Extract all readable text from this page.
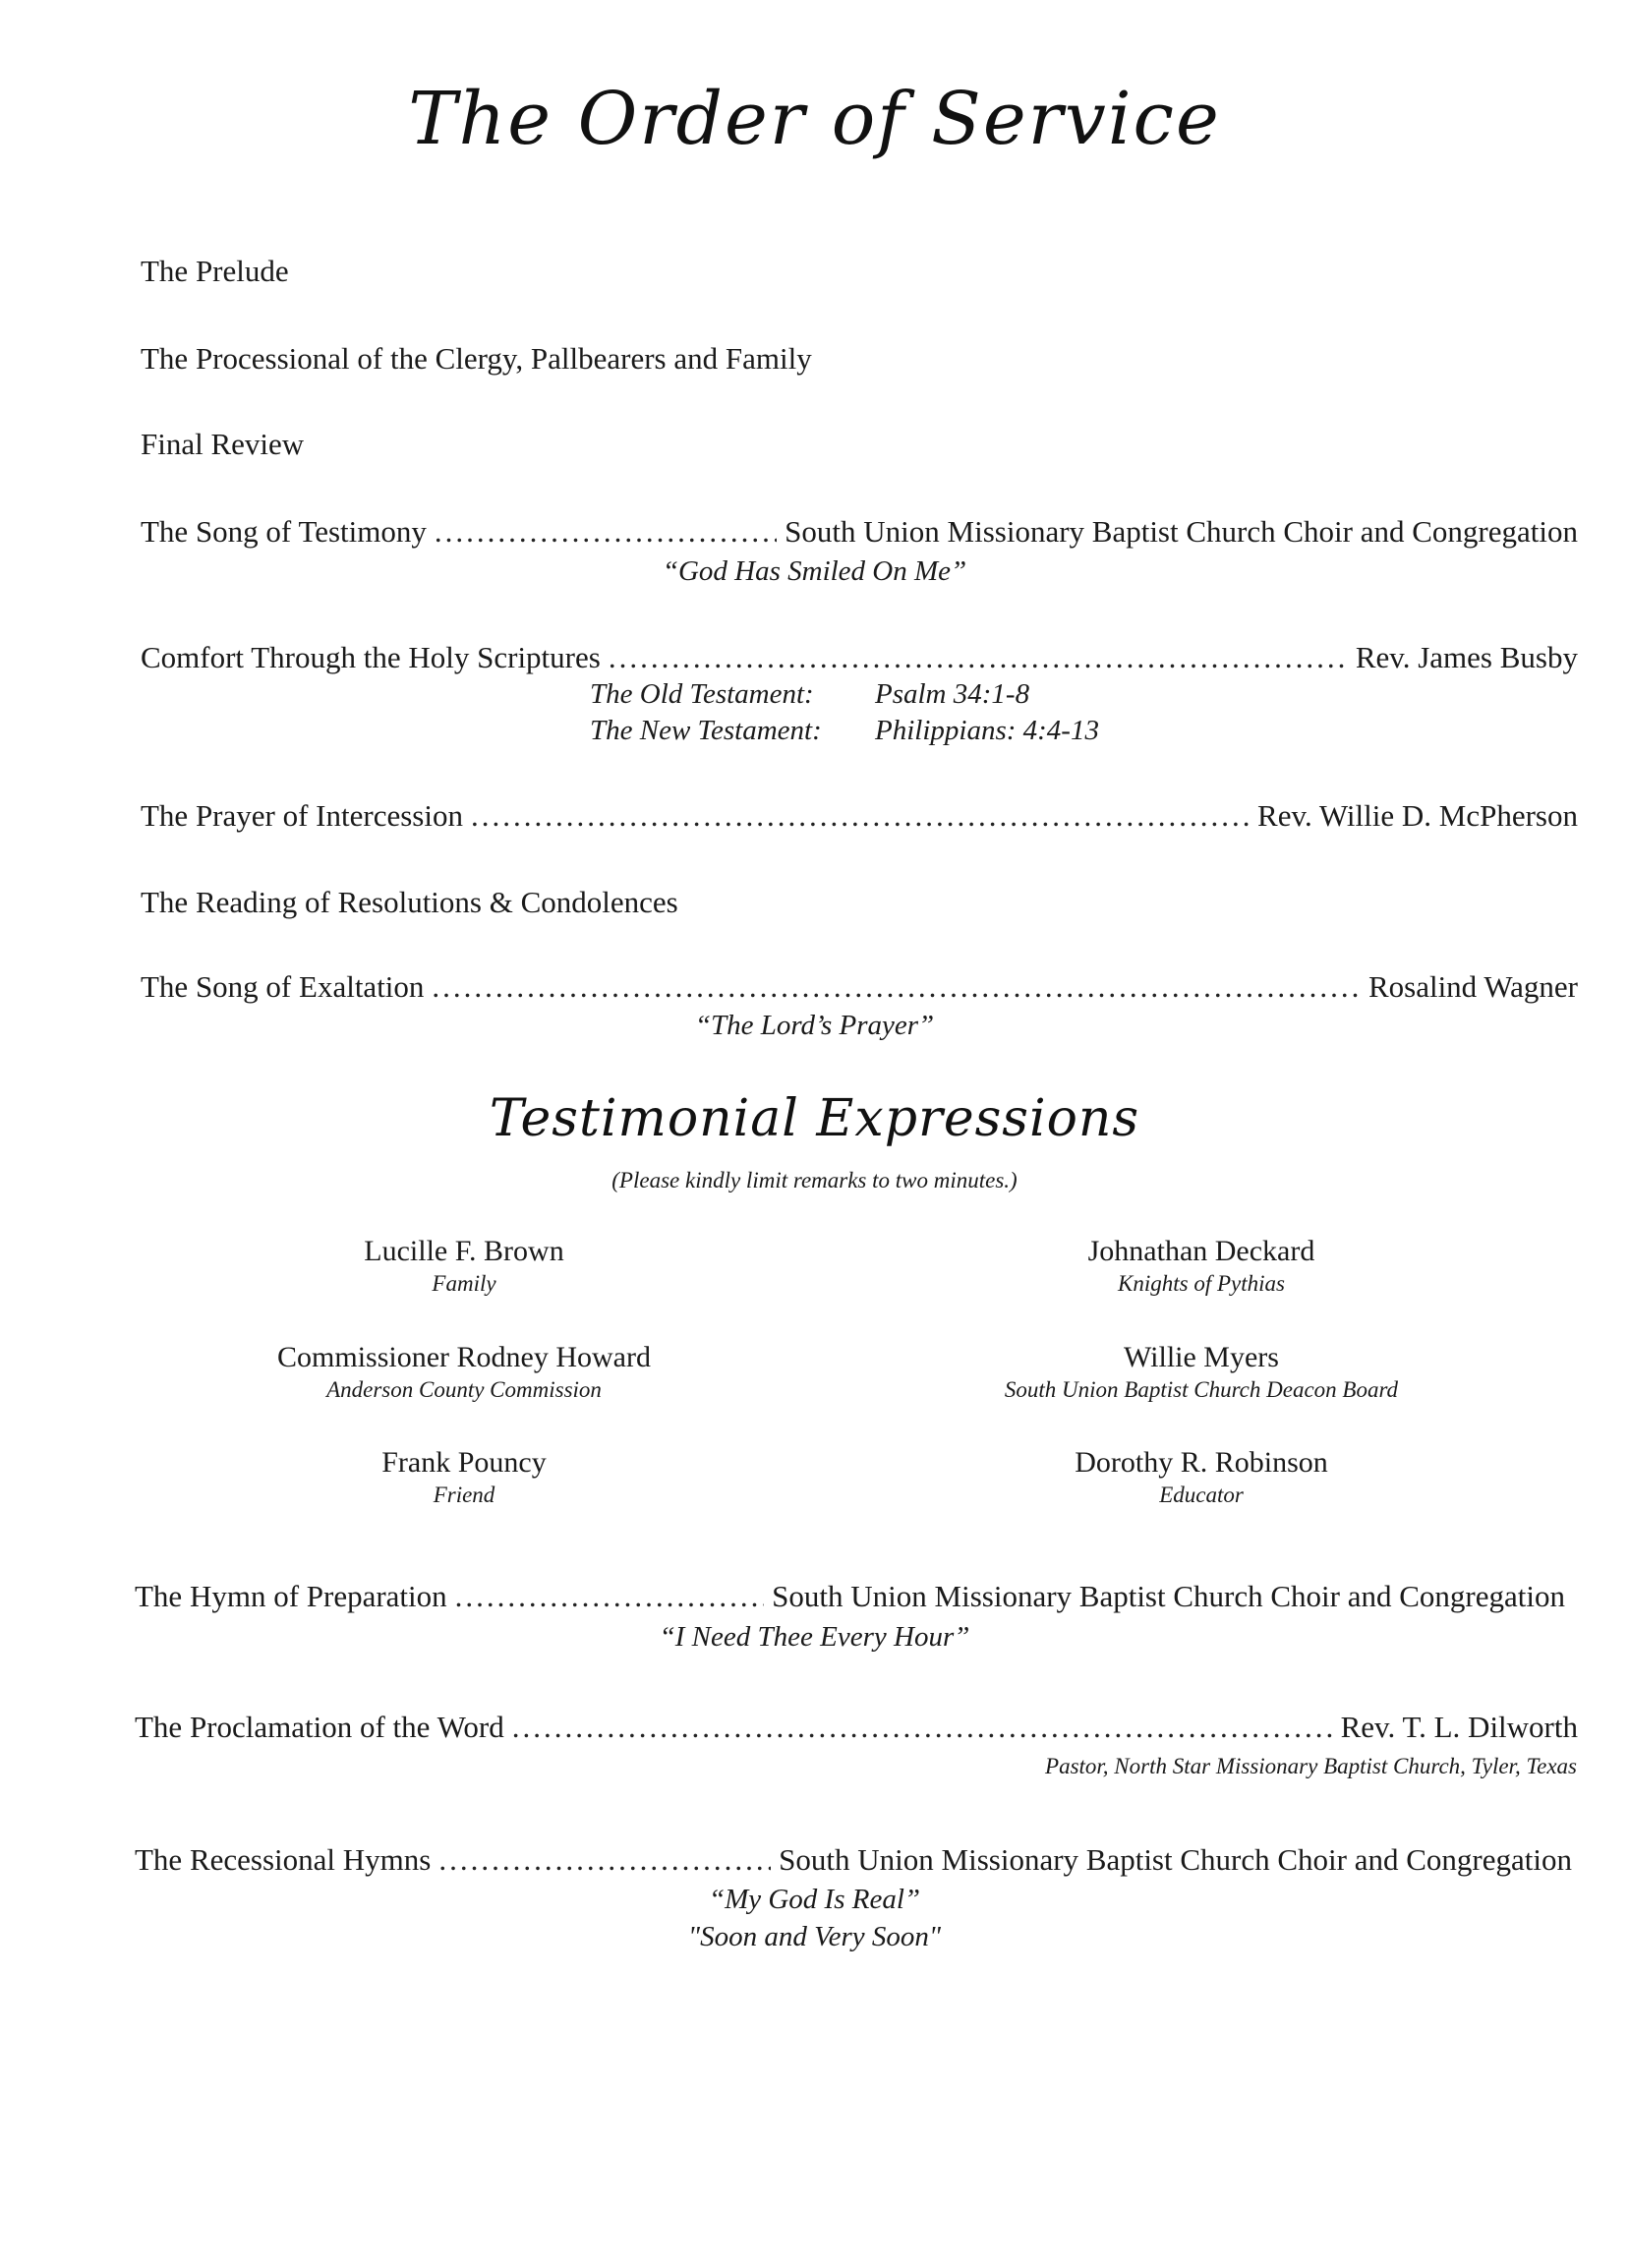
The Order of Service
The Prelude
The Processional of the Clergy, Pallbearers and Family
Final Review
The Song of Testimony .....	South Union Missionary Baptist Church Choir and Congregation
“God Has Smiled On Me”
Comfort Through the Holy Scriptures .....	Rev. James Busby
The Old Testament: Psalm 34:1-8
The New Testament: Philippians: 4:4-13
The Prayer of Intercession .....	Rev. Willie D. McPherson
The Reading of Resolutions & Condolences
The Song of Exaltation .....	Rosalind Wagner
“The Lord’s Prayer”
Testimonial Expressions
(Please kindly limit remarks to two minutes.)
Lucille F. Brown
Family
Johnathan Deckard
Knights of Pythias
Commissioner Rodney Howard
Anderson County Commission
Willie Myers
South Union Baptist Church Deacon Board
Frank Pouncy
Friend
Dorothy R. Robinson
Educator
The Hymn of Preparation .....	South Union Missionary Baptist Church Choir and Congregation
“I Need Thee Every Hour”
The Proclamation of the Word .....	Rev. T. L. Dilworth
Pastor, North Star Missionary Baptist Church, Tyler, Texas
The Recessional Hymns .....	South Union Missionary Baptist Church Choir and Congregation
“My God Is Real”
"Soon and Very Soon"
